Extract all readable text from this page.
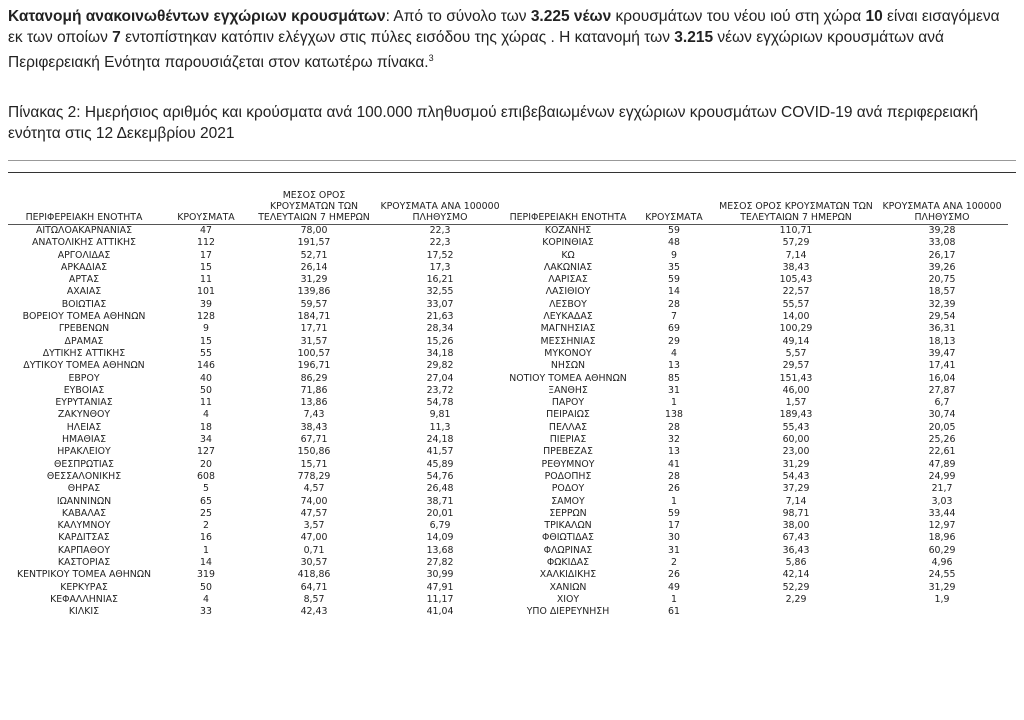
Κατανομή ανακοινωθέντων εγχώριων κρουσμάτων: Από το σύνολο των 3.225 νέων κρουσμάτων του νέου ιού στη χώρα 10 είναι εισαγόμενα εκ των οποίων 7 εντοπίστηκαν κατόπιν ελέγχων στις πύλες εισόδου της χώρας . Η κατανομή των 3.215 νέων εγχώριων κρουσμάτων ανά Περιφερειακή Ενότητα παρουσιάζεται στον κατωτέρω πίνακα.$^3$
Πίνακας 2: Ημερήσιος αριθμός και κρούσματα ανά 100.000 πληθυσμού επιβεβαιωμένων εγχώριων κρουσμάτων COVID-19 ανά περιφερειακή ενότητα στις 12 Δεκεμβρίου 2021
ΠΕΡΙΦΕΡΕΙΑΚΗ ΕΝΟΤΗΤΑ	ΚΡΟΥΣΜΑΤΑ	ΜΕΣΟΣ ΟΡΟΣ ΚΡΟΥΣΜΑΤΩΝ ΤΩΝ ΤΕΛΕΥΤΑΙΩΝ 7 ΗΜΕΡΩΝ	ΚΡΟΥΣΜΑΤΑ ΑΝΑ 100000 ΠΛΗΘΥΣΜΟ	ΠΕΡΙΦΕΡΕΙΑΚΗ ΕΝΟΤΗΤΑ	ΚΡΟΥΣΜΑΤΑ	ΜΕΣΟΣ ΟΡΟΣ ΚΡΟΥΣΜΑΤΩΝ ΤΩΝ ΤΕΛΕΥΤΑΙΩΝ 7 ΗΜΕΡΩΝ	ΚΡΟΥΣΜΑΤΑ ΑΝΑ 100000 ΠΛΗΘΥΣΜΟ
ΑΙΤΩΛΟΑΚΑΡΝΑΝΙΑΣ	47	78,00	22,3	ΚΟΖΑΝΗΣ	59	110,71	39,28
ΑΝΑΤΟΛΙΚΗΣ ΑΤΤΙΚΗΣ	112	191,57	22,3	ΚΟΡΙΝΘΙΑΣ	48	57,29	33,08
ΑΡΓΟΛΙΔΑΣ	17	52,71	17,52	ΚΩ	9	7,14	26,17
ΑΡΚΑΔΙΑΣ	15	26,14	17,3	ΛΑΚΩΝΙΑΣ	35	38,43	39,26
ΑΡΤΑΣ	11	31,29	16,21	ΛΑΡΙΣΑΣ	59	105,43	20,75
ΑΧΑΪΑΣ	101	139,86	32,55	ΛΑΣΙΘΙΟΥ	14	22,57	18,57
ΒΟΙΩΤΙΑΣ	39	59,57	33,07	ΛΕΣΒΟΥ	28	55,57	32,39
ΒΟΡΕΙΟΥ ΤΟΜΕΑ ΑΘΗΝΩΝ	128	184,71	21,63	ΛΕΥΚΑΔΑΣ	7	14,00	29,54
ΓΡΕΒΕΝΩΝ	9	17,71	28,34	ΜΑΓΝΗΣΙΑΣ	69	100,29	36,31
ΔΡΑΜΑΣ	15	31,57	15,26	ΜΕΣΣΗΝΙΑΣ	29	49,14	18,13
ΔΥΤΙΚΗΣ ΑΤΤΙΚΗΣ	55	100,57	34,18	ΜΥΚΟΝΟΥ	4	5,57	39,47
ΔΥΤΙΚΟΥ ΤΟΜΕΑ ΑΘΗΝΩΝ	146	196,71	29,82	ΝΗΣΩΝ	13	29,57	17,41
ΕΒΡΟΥ	40	86,29	27,04	ΝΟΤΙΟΥ ΤΟΜΕΑ ΑΘΗΝΩΝ	85	151,43	16,04
ΕΥΒΟΙΑΣ	50	71,86	23,72	ΞΑΝΘΗΣ	31	46,00	27,87
ΕΥΡΥΤΑΝΙΑΣ	11	13,86	54,78	ΠΑΡΟΥ	1	1,57	6,7
ΖΑΚΥΝΘΟΥ	4	7,43	9,81	ΠΕΙΡΑΙΩΣ	138	189,43	30,74
ΗΛΕΙΑΣ	18	38,43	11,3	ΠΕΛΛΑΣ	28	55,43	20,05
ΗΜΑΘΙΑΣ	34	67,71	24,18	ΠΙΕΡΙΑΣ	32	60,00	25,26
ΗΡΑΚΛΕΙΟΥ	127	150,86	41,57	ΠΡΕΒΕΖΑΣ	13	23,00	22,61
ΘΕΣΠΡΩΤΙΑΣ	20	15,71	45,89	ΡΕΘΥΜΝΟΥ	41	31,29	47,89
ΘΕΣΣΑΛΟΝΙΚΗΣ	608	778,29	54,76	ΡΟΔΟΠΗΣ	28	54,43	24,99
ΘΗΡΑΣ	5	4,57	26,48	ΡΟΔΟΥ	26	37,29	21,7
ΙΩΑΝΝΙΝΩΝ	65	74,00	38,71	ΣΑΜΟΥ	1	7,14	3,03
ΚΑΒΑΛΑΣ	25	47,57	20,01	ΣΕΡΡΩΝ	59	98,71	33,44
ΚΑΛΥΜΝΟΥ	2	3,57	6,79	ΤΡΙΚΑΛΩΝ	17	38,00	12,97
ΚΑΡΔΙΤΣΑΣ	16	47,00	14,09	ΦΘΙΩΤΙΔΑΣ	30	67,43	18,96
ΚΑΡΠΑΘΟΥ	1	0,71	13,68	ΦΛΩΡΙΝΑΣ	31	36,43	60,29
ΚΑΣΤΟΡΙΑΣ	14	30,57	27,82	ΦΩΚΙΔΑΣ	2	5,86	4,96
ΚΕΝΤΡΙΚΟΥ ΤΟΜΕΑ ΑΘΗΝΩΝ	319	418,86	30,99	ΧΑΛΚΙΔΙΚΗΣ	26	42,14	24,55
ΚΕΡΚΥΡΑΣ	50	64,71	47,91	ΧΑΝΙΩΝ	49	52,29	31,29
ΚΕΦΑΛΛΗΝΙΑΣ	4	8,57	11,17	ΧΙΟΥ	1	2,29	1,9
ΚΙΛΚΙΣ	33	42,43	41,04	ΥΠΟ ΔΙΕΡΕΥΝΗΣΗ	61		
